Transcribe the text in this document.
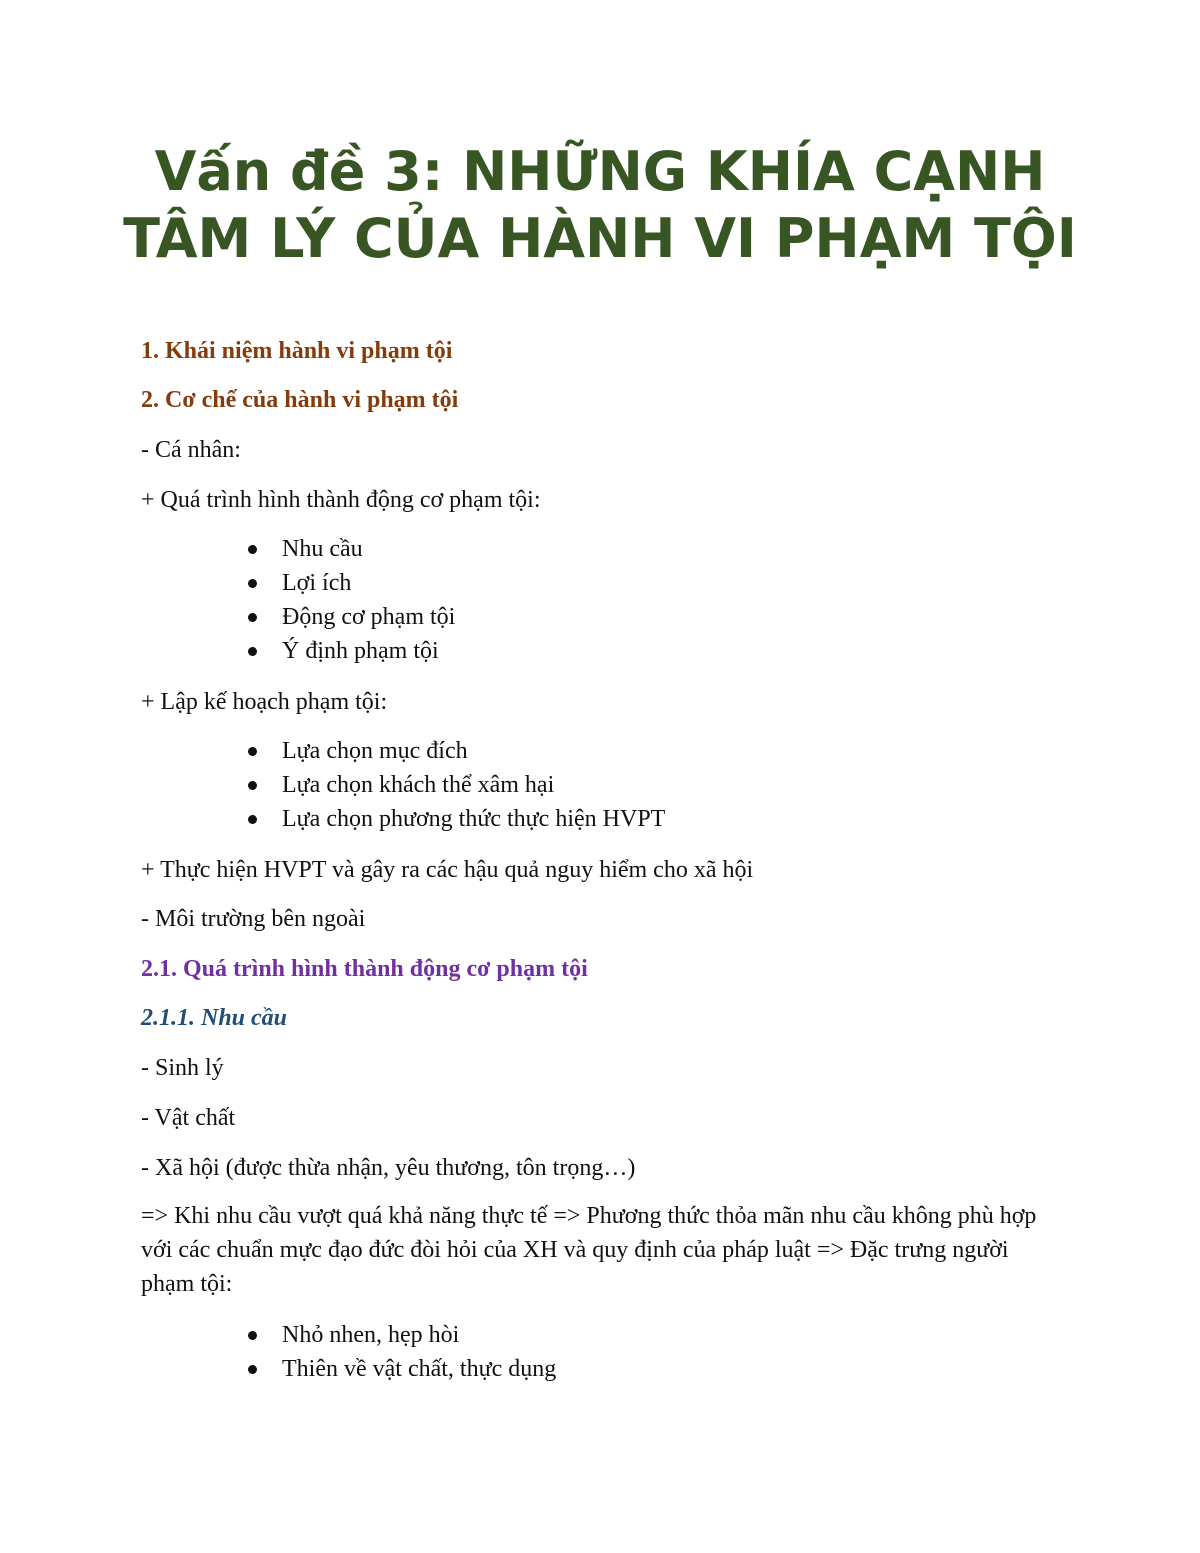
Vấn đề 3: NHỮNG KHÍA CẠNH TÂM LÝ CỦA HÀNH VI PHẠM TỘI

1. Khái niệm hành vi phạm tội

2. Cơ chế của hành vi phạm tội

- Cá nhân:

+ Quá trình hình thành động cơ phạm tội:

Nhu cầu
Lợi ích
Động cơ phạm tội
Ý định phạm tội

+ Lập kế hoạch phạm tội:

Lựa chọn mục đích
Lựa chọn khách thể xâm hại
Lựa chọn phương thức thực hiện HVPT

+ Thực hiện HVPT và gây ra các hậu quả nguy hiểm cho xã hội

- Môi trường bên ngoài

2.1. Quá trình hình thành động cơ phạm tội

2.1.1. Nhu cầu

- Sinh lý

- Vật chất

- Xã hội (được thừa nhận, yêu thương, tôn trọng…)

=> Khi nhu cầu vượt quá khả năng thực tế => Phương thức thỏa mãn nhu cầu không phù hợp với các chuẩn mực đạo đức đòi hỏi của XH và quy định của pháp luật => Đặc trưng người phạm tội:

Nhỏ nhen, hẹp hòi
Thiên về vật chất, thực dụng
